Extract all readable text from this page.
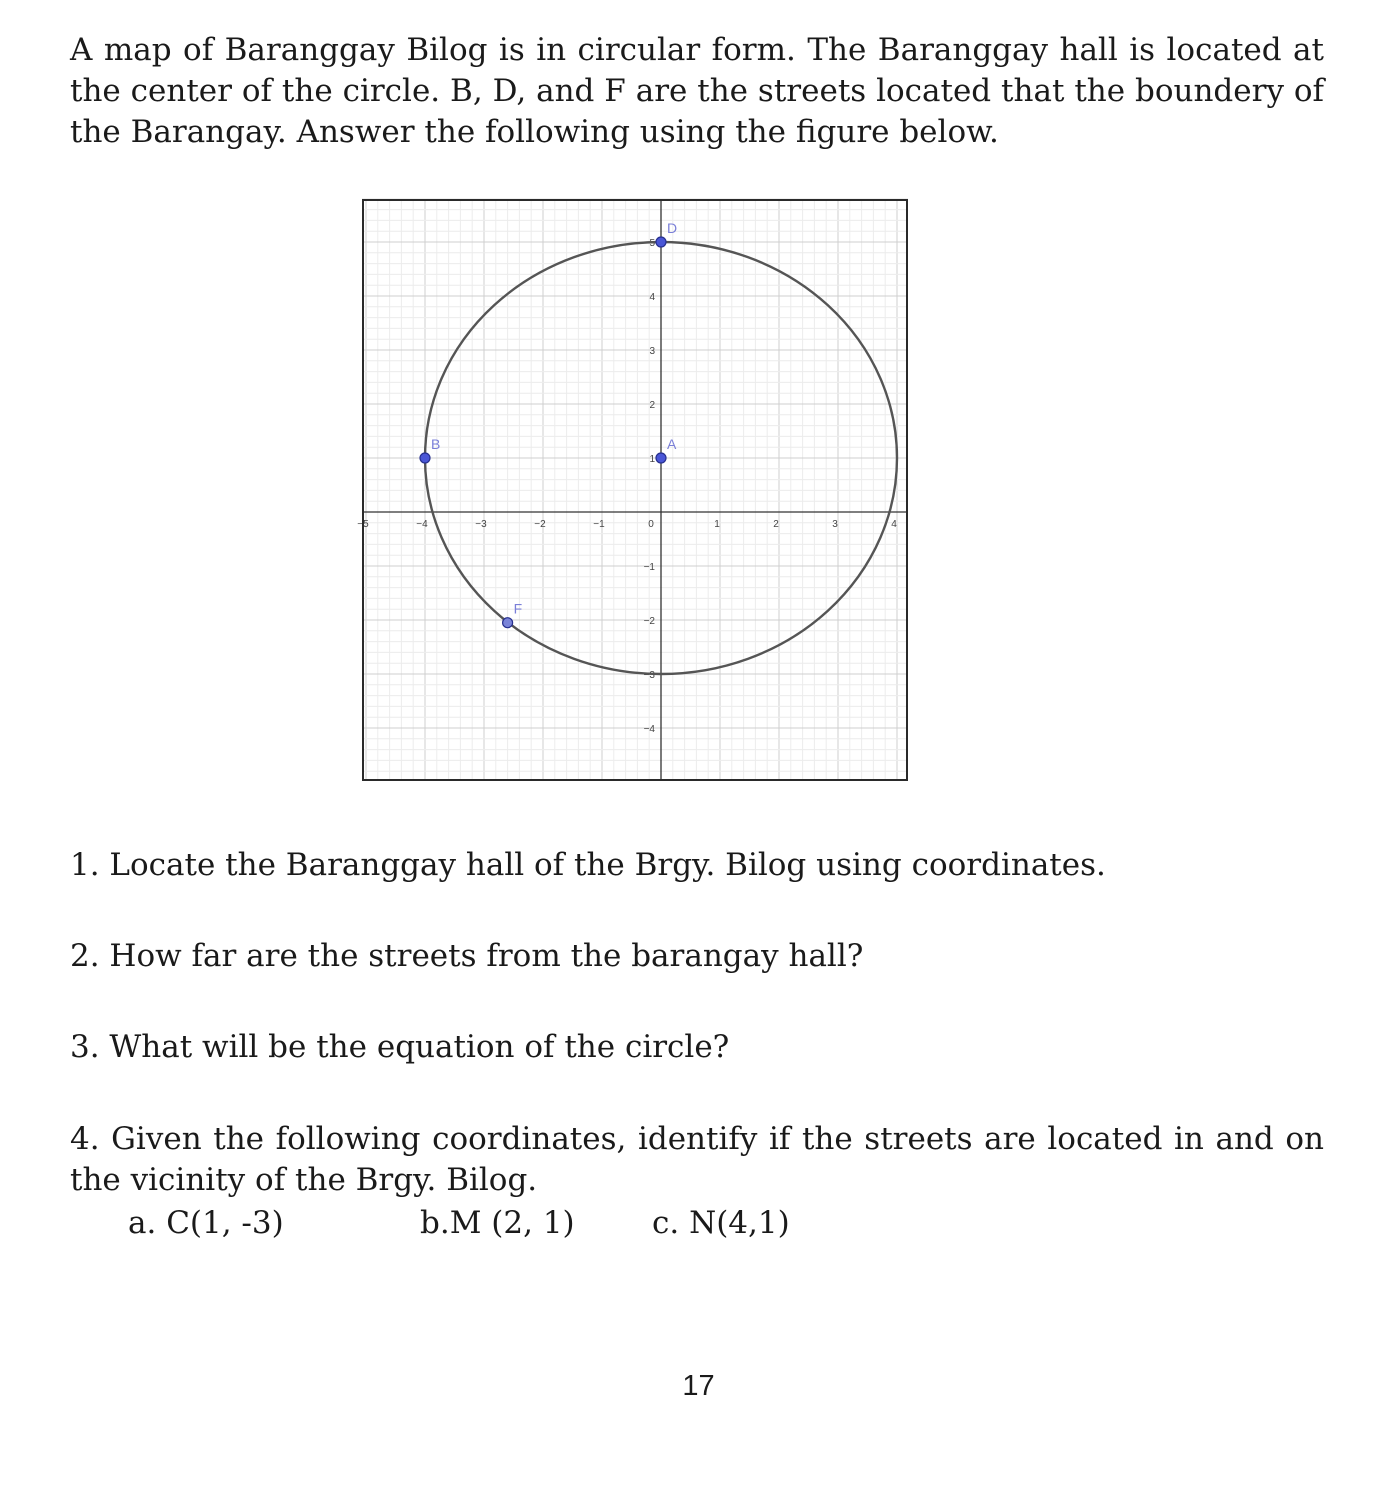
A map of Baranggay Bilog is in circular form. The Baranggay hall is located at the center of the circle. B, D, and F are the streets located that the boundery of the Barangay. Answer the following using the figure below.

−5	−4	−3	−2	−1	0	1	2	3	4
5
4
3
2
1
−1
−2
−3
−4
D
A
B
F

1. Locate the Baranggay hall of the Brgy. Bilog using coordinates.

2. How far are the streets from the barangay hall?

3. What will be the equation of the circle?

4. Given the following coordinates, identify if the streets are located in and on the vicinity of the Brgy. Bilog.

a. C(1, -3)	b.M (2, 1) c. N(4,1)
17
